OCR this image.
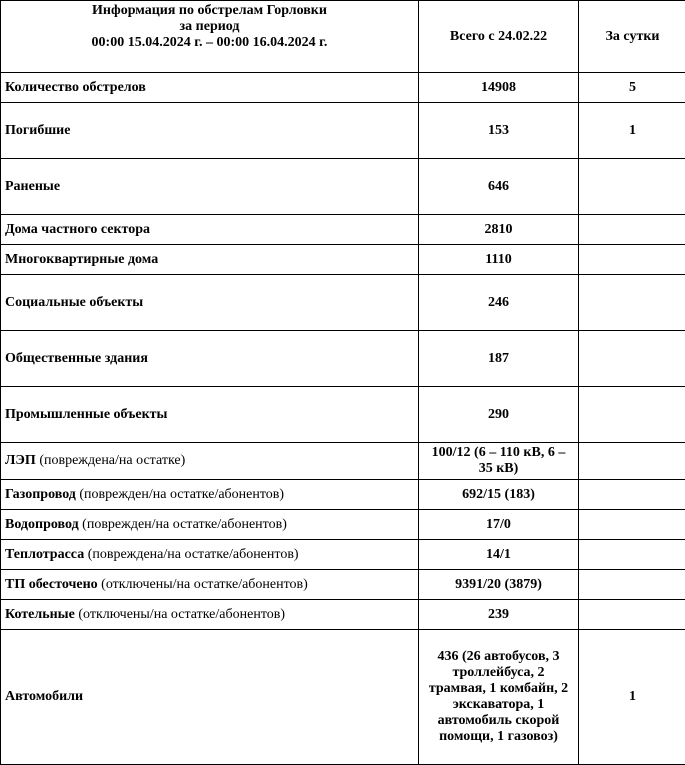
Информация по обстрелам Горловки
за период
00:00 15.04.2024 г. – 00:00 16.04.2024 г.	Всего с 24.02.22	За сутки
Количество обстрелов	14908	5
Погибшие	153	1
Раненые	646	
Дома частного сектора	2810	
Многоквартирные дома	1110	
Социальные объекты	246	
Общественные здания	187	
Промышленные объекты	290	
ЛЭП (повреждена/на остатке)	100/12 (6 – 110 кВ, 6 – 35 кВ)	
Газопровод (поврежден/на остатке/абонентов)	692/15 (183)	
Водопровод (поврежден/на остатке/абонентов)	17/0	
Теплотрасса (повреждена/на остатке/абонентов)	14/1	
ТП обесточено (отключены/на остатке/абонентов)	9391/20 (3879)	
Котельные (отключены/на остатке/абонентов)	239	
Автомобили	436 (26 автобусов, 3 троллейбуса, 2 трамвая, 1 комбайн, 2 экскаватора, 1 автомобиль скорой помощи, 1 газовоз)	1
